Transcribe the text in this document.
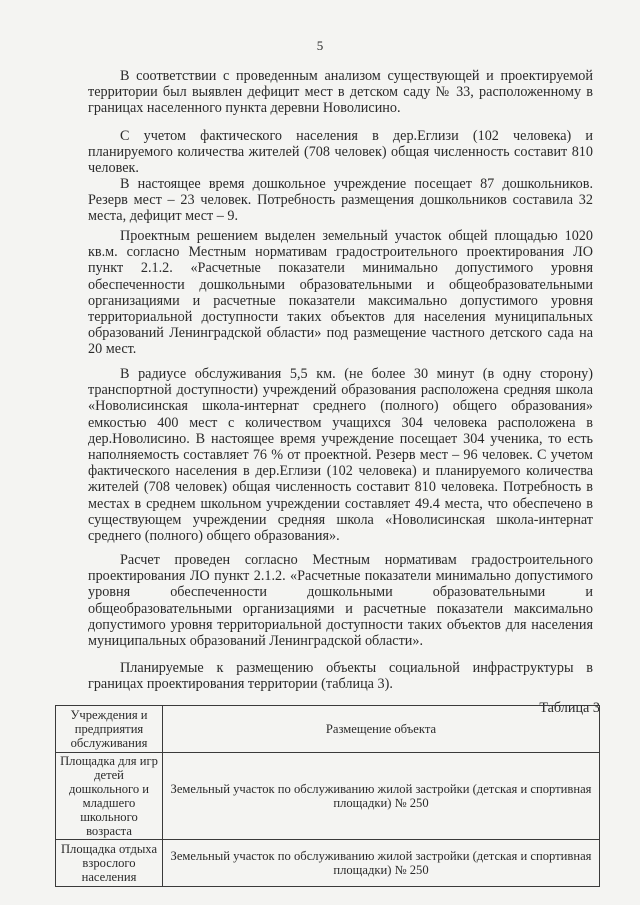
5

В соответствии с проведенным анализом существующей и проектируемой территории был выявлен дефицит мест в детском саду № 33, расположенному в границах населенного пункта деревни Новолисино.

С учетом фактического населения в дер.Еглизи (102 человека) и планируемого количества жителей (708 человек) общая численность составит 810 человек.

В настоящее время дошкольное учреждение посещает 87 дошкольников. Резерв мест – 23 человек. Потребность размещения дошкольников составила 32 места, дефицит мест – 9.

Проектным решением выделен земельный участок общей площадью 1020 кв.м. согласно Местным нормативам градостроительного проектирования ЛО пункт 2.1.2. «Расчетные показатели минимально допустимого уровня обеспеченности дошкольными образовательными и общеобразовательными организациями и расчетные показатели максимально допустимого уровня территориальной доступности таких объектов для населения муниципальных образований Ленинградской области» под размещение частного детского сада на 20 мест.

В радиусе обслуживания 5,5 км. (не более 30 минут (в одну сторону) транспортной доступности) учреждений образования расположена средняя школа «Новолисинская школа-интернат среднего (полного) общего образования» емкостью 400 мест с количеством учащихся 304 человека расположена в дер.Новолисино. В настоящее время учреждение посещает 304 ученика, то есть наполняемость составляет 76 % от проектной. Резерв мест – 96 человек. С учетом фактического населения в дер.Еглизи (102 человека) и планируемого количества жителей (708 человек) общая численность составит 810 человека. Потребность в местах в среднем школьном учреждении составляет 49.4 места, что обеспечено в существующем учреждении средняя школа «Новолисинская школа-интернат среднего (полного) общего образования».

Расчет проведен согласно Местным нормативам градостроительного проектирования ЛО пункт 2.1.2. «Расчетные показатели минимально допустимого уровня обеспеченности дошкольными образовательными и общеобразовательными организациями и расчетные показатели максимально допустимого уровня территориальной доступности таких объектов для населения муниципальных образований Ленинградской области».

Планируемые к размещению объекты социальной инфраструктуры в границах проектирования территории (таблица 3).

Таблица 3
Учреждения и предприятия обслуживания	Размещение объекта
Площадка для игр детей дошкольного и младшего школьного возраста	Земельный участок по обслуживанию жилой застройки (детская и спортивная площадки) № 250
Площадка отдыха взрослого населения	Земельный участок по обслуживанию жилой застройки (детская и спортивная площадки) № 250
